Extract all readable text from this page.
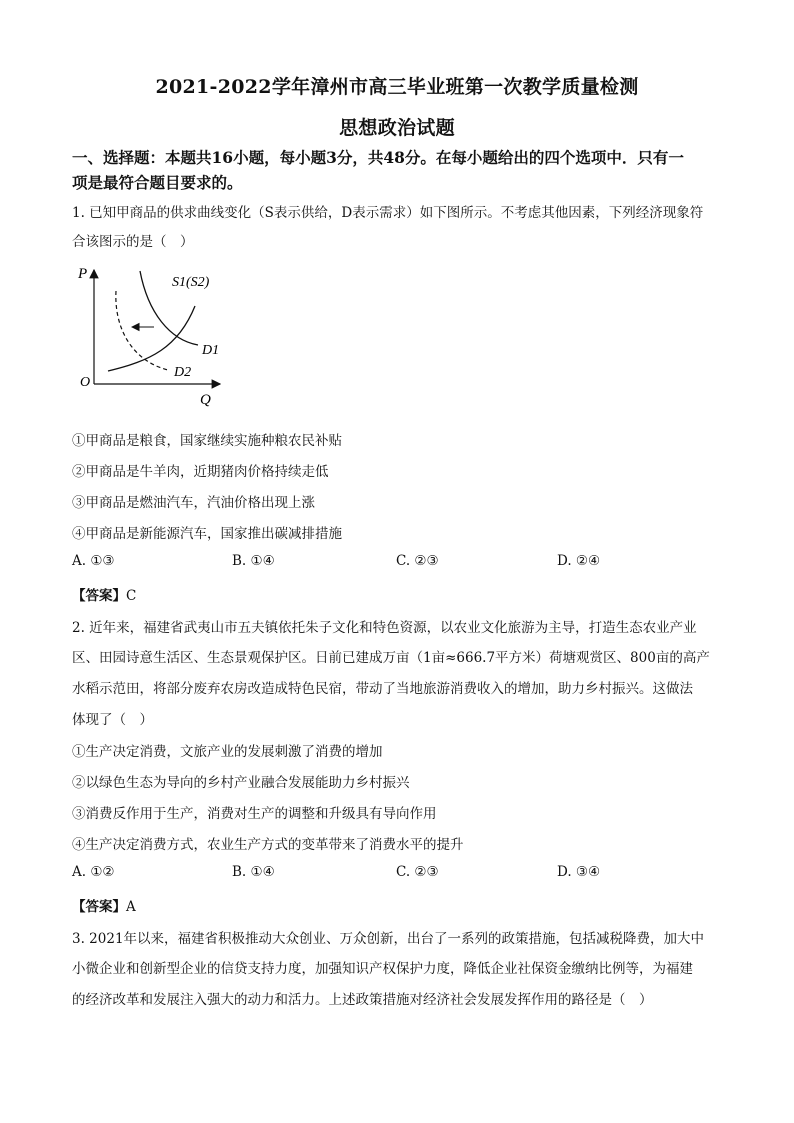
2021-2022学年漳州市高三毕业班第一次教学质量检测
思想政治试题
一、选择题：本题共16小题，每小题3分，共48分。在每小题给出的四个选项中．只有一
项是最符合题目要求的。
1. 已知甲商品的供求曲线变化（S表示供给，D表示需求）如下图所示。不考虑其他因素，下列经济现象符
合该图示的是（　）
P
Q
O
S1(S2)
D1
D2
①甲商品是粮食，国家继续实施种粮农民补贴
②甲商品是牛羊肉，近期猪肉价格持续走低
③甲商品是燃油汽车，汽油价格出现上涨
④甲商品是新能源汽车，国家推出碳减排措施
A. ①③	B. ①④	C. ②③	D. ②④
【答案】C
2. 近年来，福建省武夷山市五夫镇依托朱子文化和特色资源，以农业文化旅游为主导，打造生态农业产业
区、田园诗意生活区、生态景观保护区。日前已建成万亩（1亩≈666.7平方米）荷塘观赏区、800亩的高产
水稻示范田，将部分废弃农房改造成特色民宿，带动了当地旅游消费收入的增加，助力乡村振兴。这做法
体现了（　）
①生产决定消费，文旅产业的发展刺激了消费的增加
②以绿色生态为导向的乡村产业融合发展能助力乡村振兴
③消费反作用于生产，消费对生产的调整和升级具有导向作用
④生产决定消费方式，农业生产方式的变革带来了消费水平的提升
A. ①②	B. ①④	C. ②③	D. ③④
【答案】A
3. 2021年以来，福建省积极推动大众创业、万众创新，出台了一系列的政策措施，包括减税降费，加大中
小微企业和创新型企业的信贷支持力度，加强知识产权保护力度，降低企业社保资金缴纳比例等，为福建
的经济改革和发展注入强大的动力和活力。上述政策措施对经济社会发展发挥作用的路径是（　）
